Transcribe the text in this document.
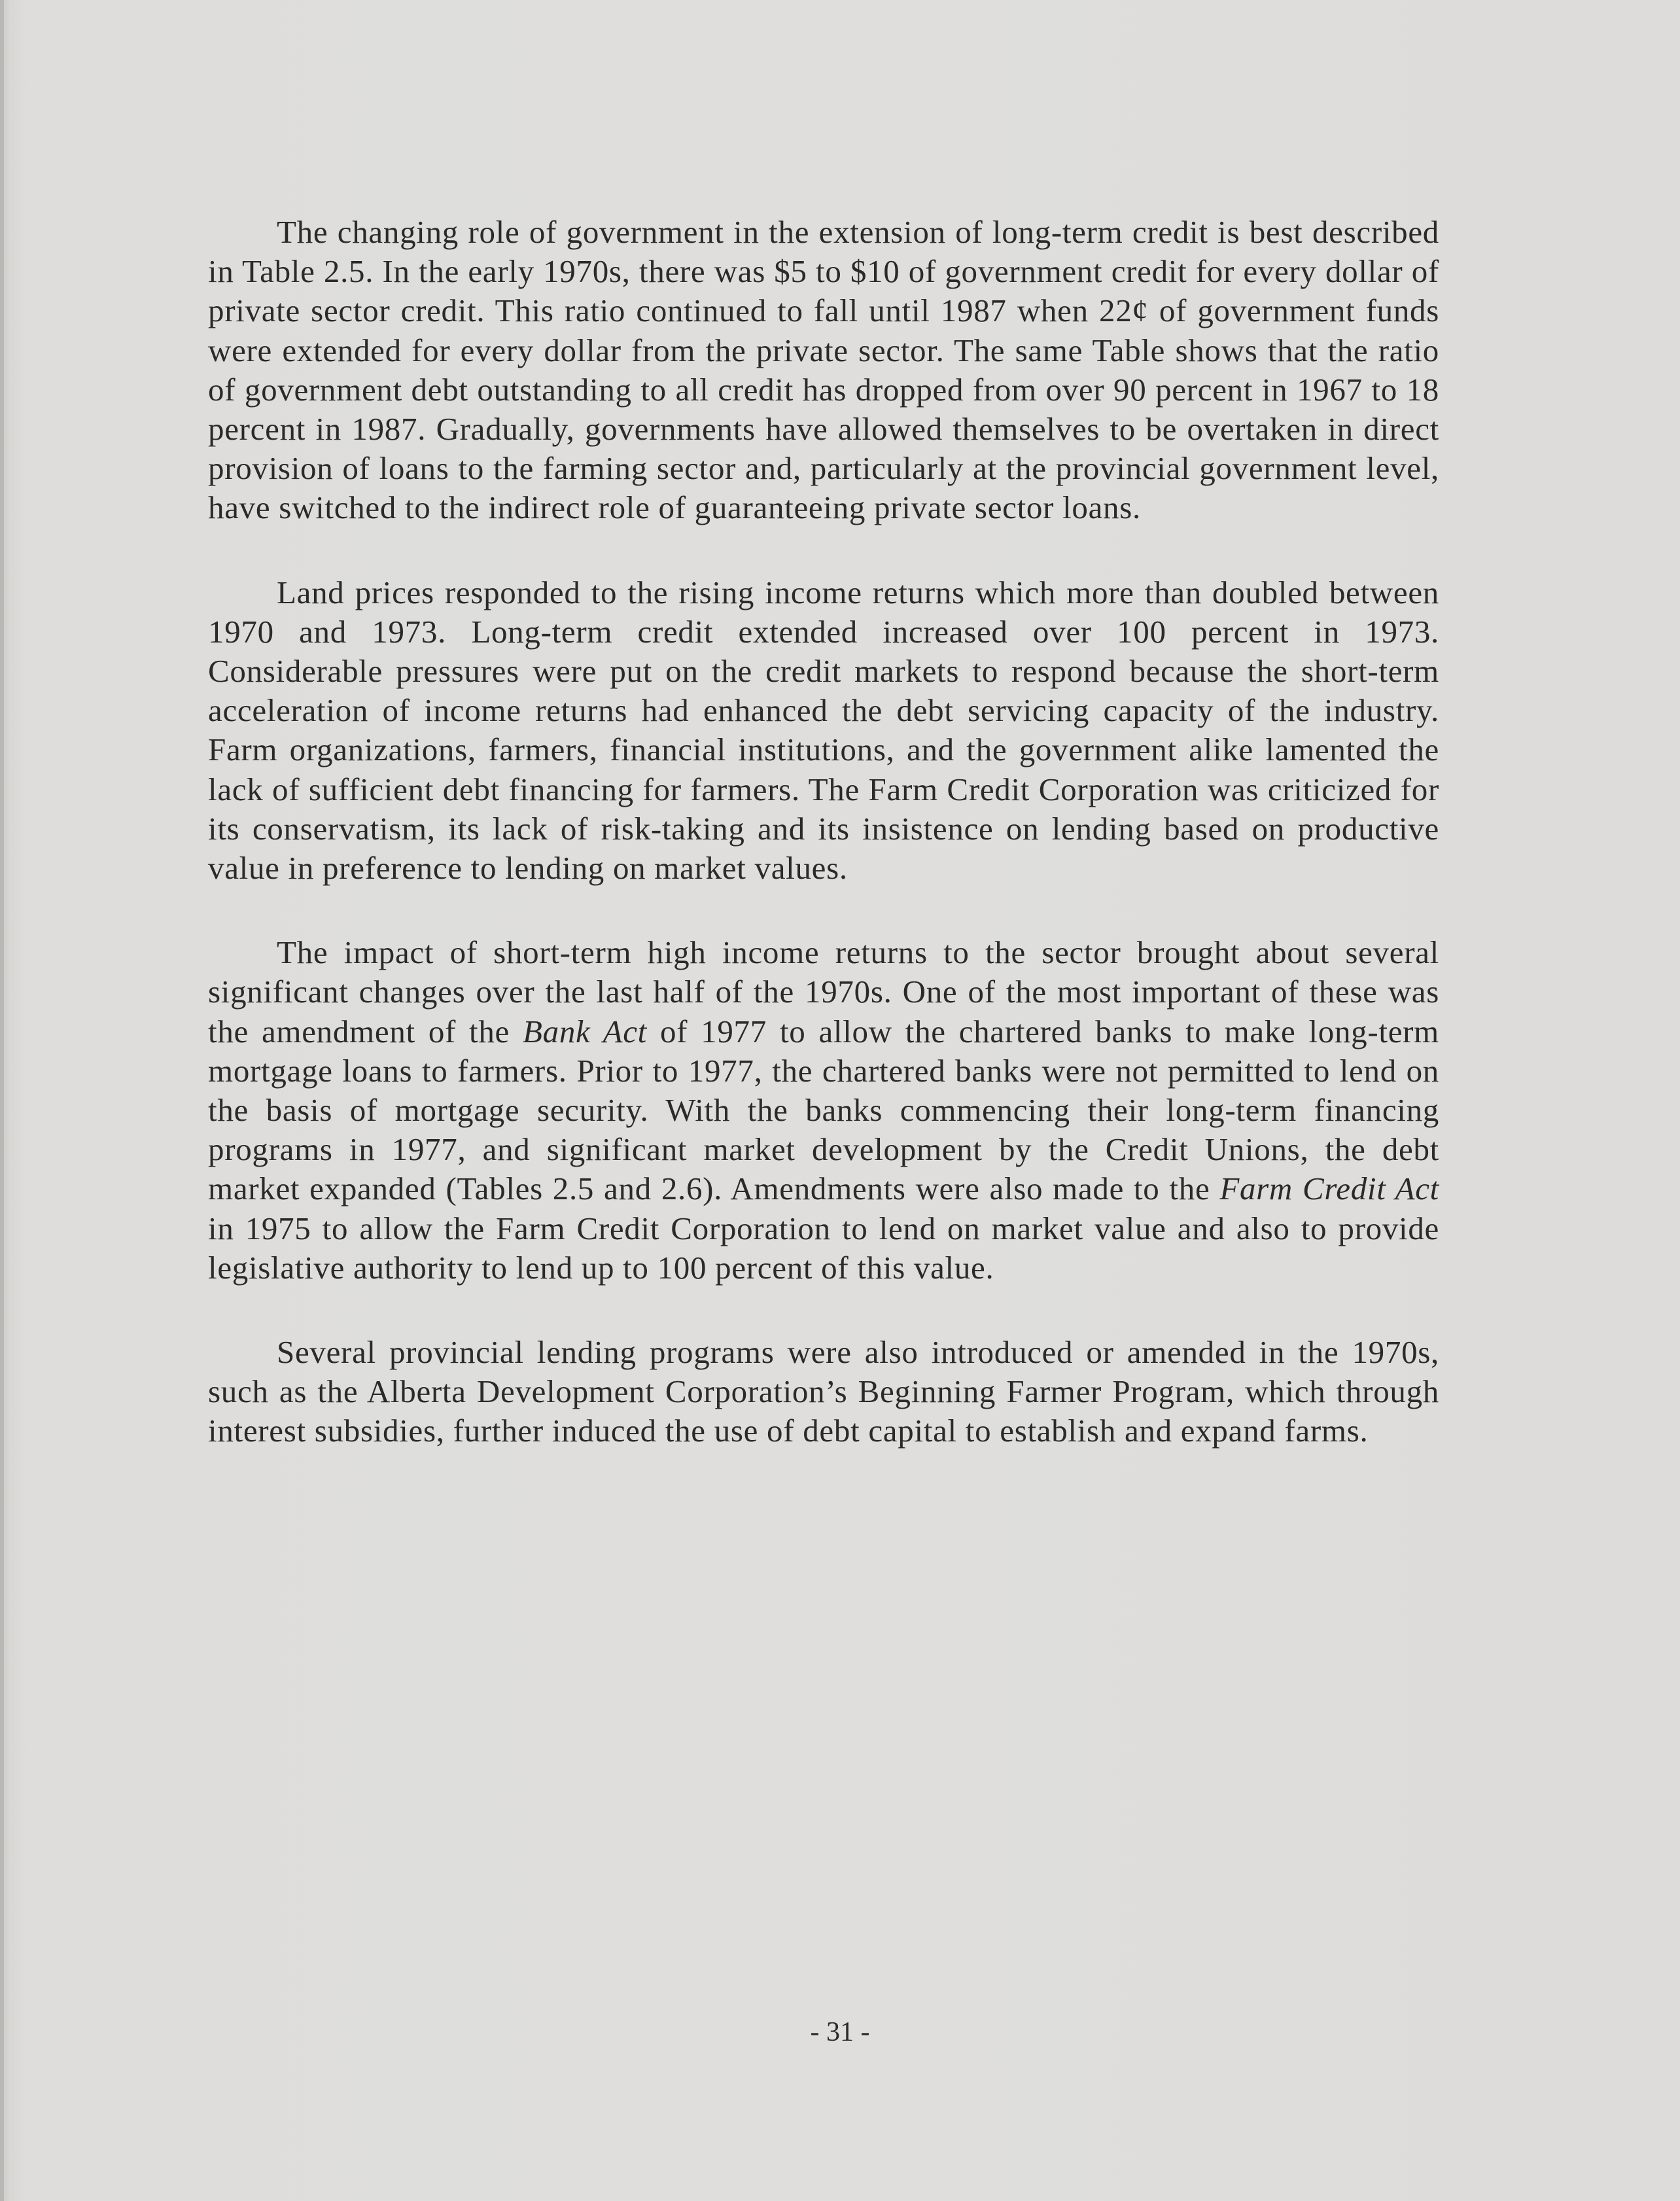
The changing role of government in the extension of long-term credit is best described in Table 2.5. In the early 1970s, there was $5 to $10 of government credit for every dollar of private sector credit. This ratio continued to fall until 1987 when 22¢ of government funds were extended for every dollar from the private sector. The same Table shows that the ratio of government debt outstanding to all credit has dropped from over 90 percent in 1967 to 18 percent in 1987. Gradually, governments have allowed themselves to be overtaken in direct provision of loans to the farming sector and, particularly at the provincial government level, have switched to the indirect role of guaranteeing private sector loans.

Land prices responded to the rising income returns which more than doubled between 1970 and 1973. Long-term credit extended increased over 100 percent in 1973. Considerable pressures were put on the credit markets to respond because the short-term acceleration of income returns had enhanced the debt servicing capacity of the industry. Farm organizations, farmers, financial institutions, and the government alike lamented the lack of sufficient debt financing for farmers. The Farm Credit Corporation was criticized for its conservatism, its lack of risk-taking and its insistence on lending based on productive value in preference to lending on market values.

The impact of short-term high income returns to the sector brought about several significant changes over the last half of the 1970s. One of the most important of these was the amendment of the Bank Act of 1977 to allow the chartered banks to make long-term mortgage loans to farmers. Prior to 1977, the chartered banks were not permitted to lend on the basis of mortgage security. With the banks commencing their long-term financing programs in 1977, and significant market development by the Credit Unions, the debt market expanded (Tables 2.5 and 2.6). Amendments were also made to the Farm Credit Act in 1975 to allow the Farm Credit Corporation to lend on market value and also to provide legislative authority to lend up to 100 percent of this value.

Several provincial lending programs were also introduced or amended in the 1970s, such as the Alberta Development Corporation’s Beginning Farmer Program, which through interest subsidies, further induced the use of debt capital to establish and expand farms.

- 31 -
